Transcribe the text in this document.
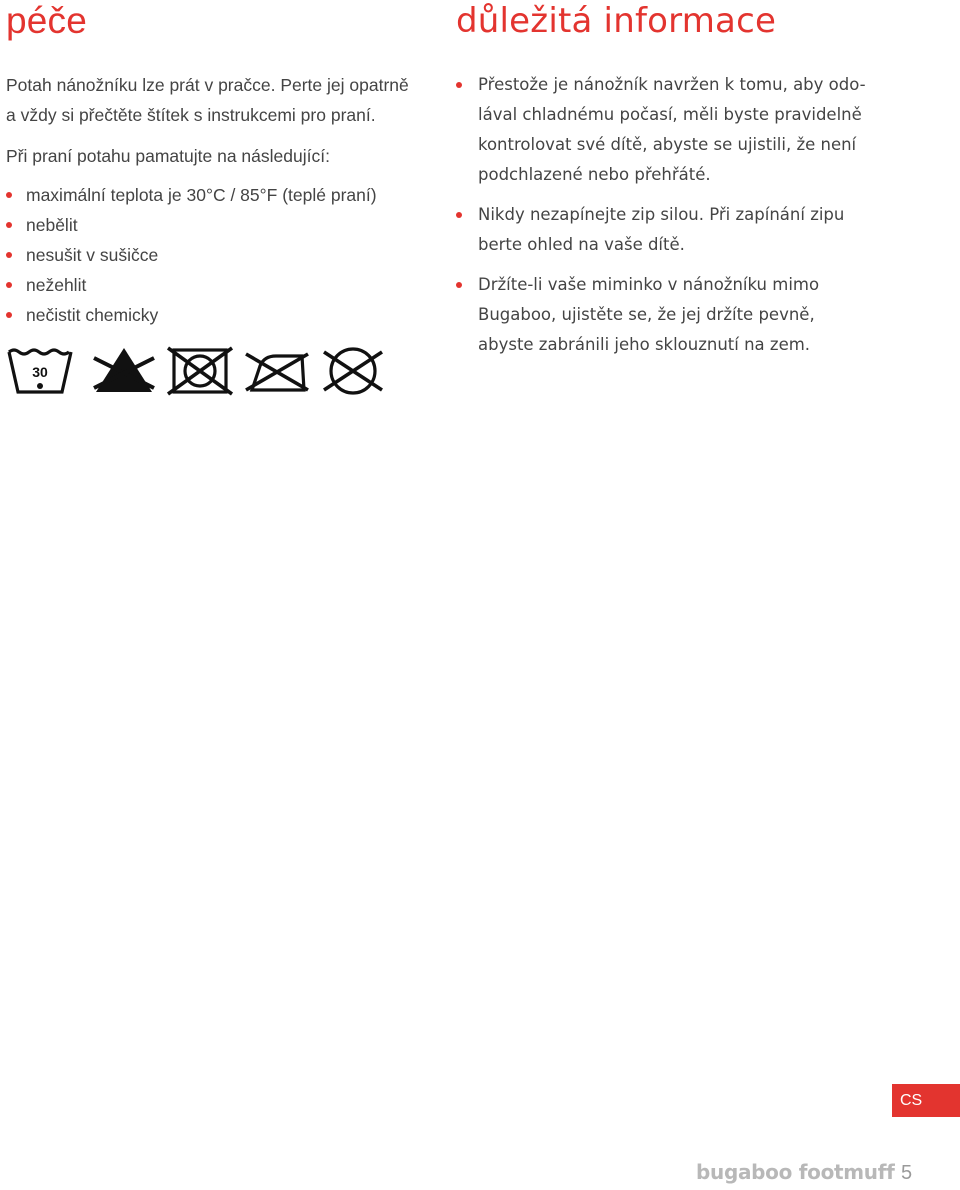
péče

Potah nánožníku lze prát v pračce. Perte jej opatrně
a vždy si přečtěte štítek s instrukcemi pro praní.

Při praní potahu pamatujte na následující:

maximální teplota je 30°C / 85°F (teplé praní)
nebělit
nesušit v sušičce
nežehlit
nečistit chemicky
30
důležitá informace
Přestože je nánožník navržen k tomu, aby odo-
lával chladnému počasí, měli byste pravidelně
kontrolovat své dítě, abyste se ujistili, že není
podchlazené nebo přehřáté.
Nikdy nezapínejte zip silou. Při zapínání zipu
berte ohled na vaše dítě.
Držíte-li vaše miminko v nánožníku mimo
Bugaboo, ujistěte se, že jej držíte pevně,
abyste zabránili jeho sklouznutí na zem.
CS
bugaboo footmuff 5
